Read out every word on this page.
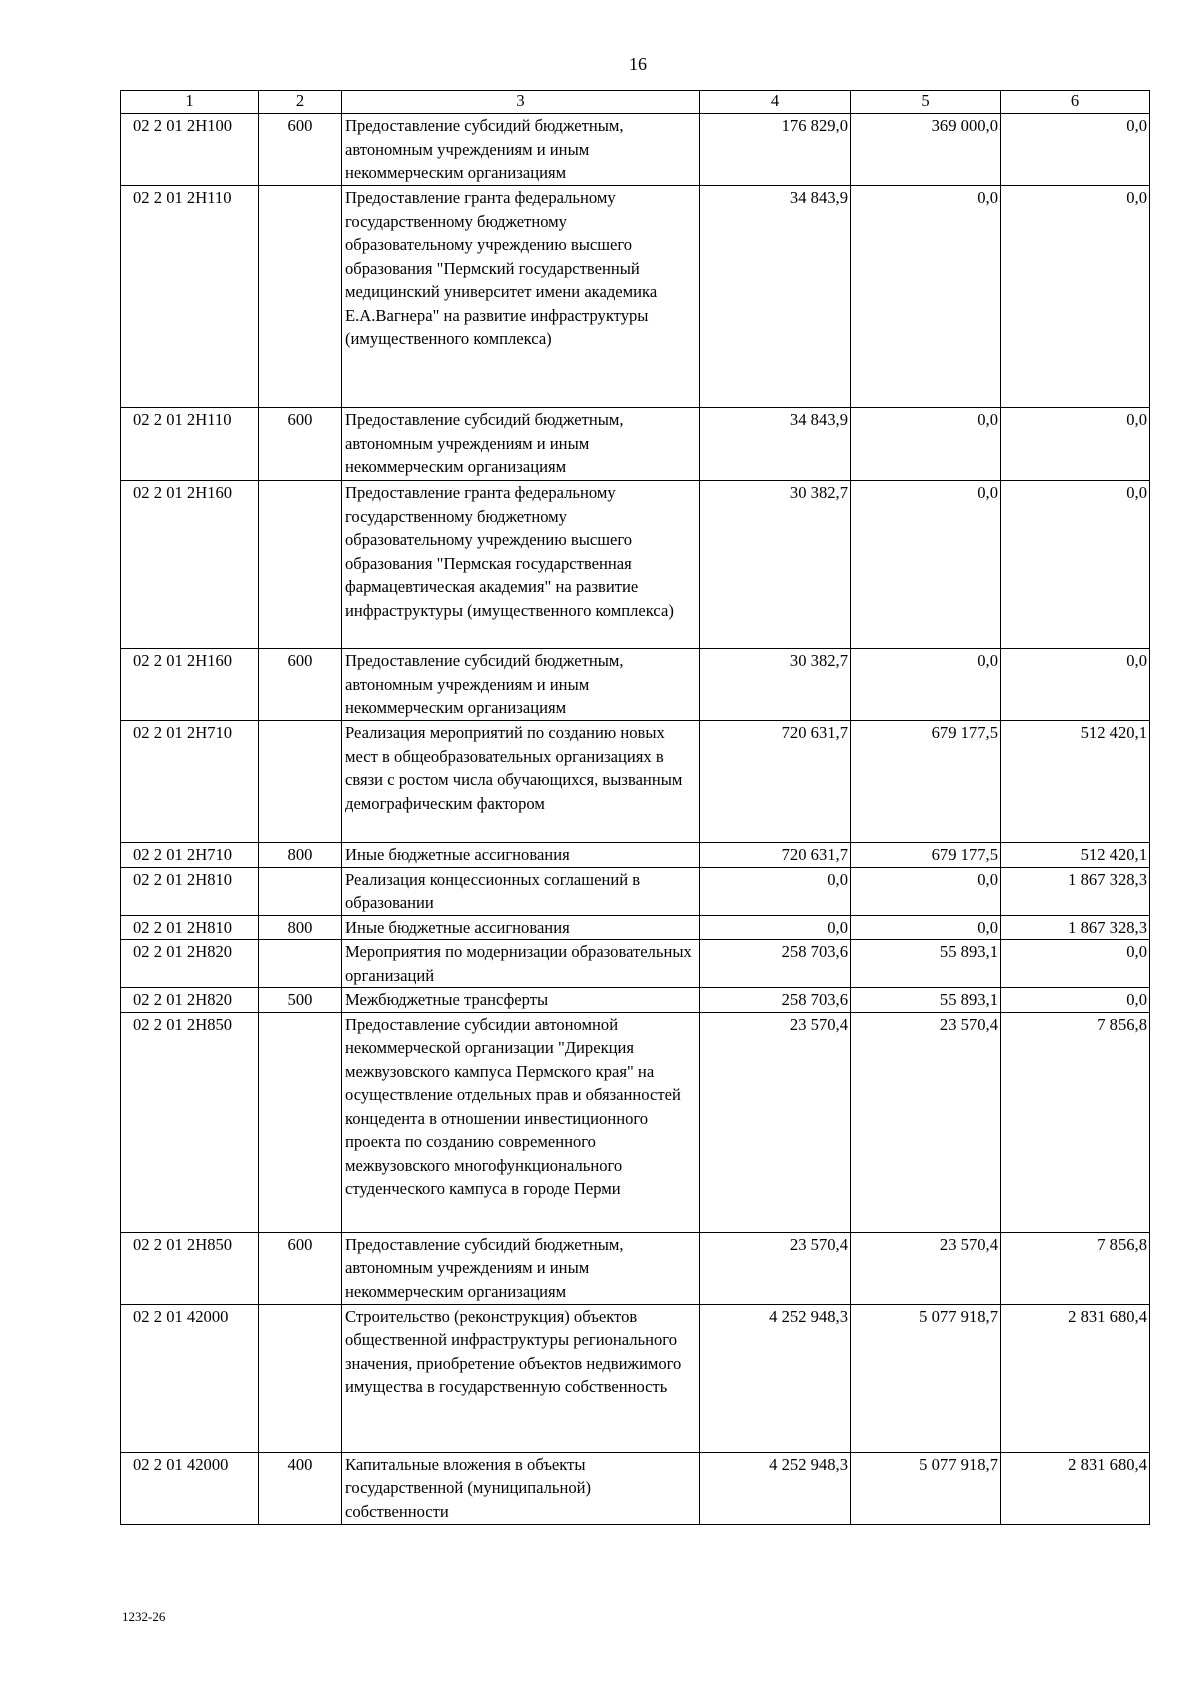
16
1	2	3	4	5	6
02 2 01 2Н100	600	Предоставление субсидий бюджетным, автономным учреждениям и иным некоммерческим организациям	176 829,0	369 000,0	0,0
02 2 01 2Н110		Предоставление гранта федеральному государственному бюджетному образовательному учреждению высшего образования "Пермский государственный медицинский университет имени академика Е.А.Вагнера" на развитие инфраструктуры (имущественного комплекса)	34 843,9	0,0	0,0
02 2 01 2Н110	600	Предоставление субсидий бюджетным, автономным учреждениям и иным некоммерческим организациям	34 843,9	0,0	0,0
02 2 01 2Н160		Предоставление гранта федеральному государственному бюджетному образовательному учреждению высшего образования "Пермская государственная фармацевтическая академия" на развитие инфраструктуры (имущественного комплекса)	30 382,7	0,0	0,0
02 2 01 2Н160	600	Предоставление субсидий бюджетным, автономным учреждениям и иным некоммерческим организациям	30 382,7	0,0	0,0
02 2 01 2Н710		Реализация мероприятий по созданию новых мест в общеобразовательных организациях в связи с ростом числа обучающихся, вызванным демографическим фактором	720 631,7	679 177,5	512 420,1
02 2 01 2Н710	800	Иные бюджетные ассигнования	720 631,7	679 177,5	512 420,1
02 2 01 2Н810		Реализация концессионных соглашений в образовании	0,0	0,0	1 867 328,3
02 2 01 2Н810	800	Иные бюджетные ассигнования	0,0	0,0	1 867 328,3
02 2 01 2Н820		Мероприятия по модернизации образовательных организаций	258 703,6	55 893,1	0,0
02 2 01 2Н820	500	Межбюджетные трансферты	258 703,6	55 893,1	0,0
02 2 01 2Н850		Предоставление субсидии автономной некоммерческой организации "Дирекция межвузовского кампуса Пермского края" на осуществление отдельных прав и обязанностей концедента в отношении инвестиционного проекта по созданию современного межвузовского многофункционального студенческого кампуса в городе Перми	23 570,4	23 570,4	7 856,8
02 2 01 2Н850	600	Предоставление субсидий бюджетным, автономным учреждениям и иным некоммерческим организациям	23 570,4	23 570,4	7 856,8
02 2 01 42000		Строительство (реконструкция) объектов общественной инфраструктуры регионального значения, приобретение объектов недвижимого имущества в государственную собственность	4 252 948,3	5 077 918,7	2 831 680,4
02 2 01 42000	400	Капитальные вложения в объекты государственной (муниципальной) собственности	4 252 948,3	5 077 918,7	2 831 680,4
1232-26
